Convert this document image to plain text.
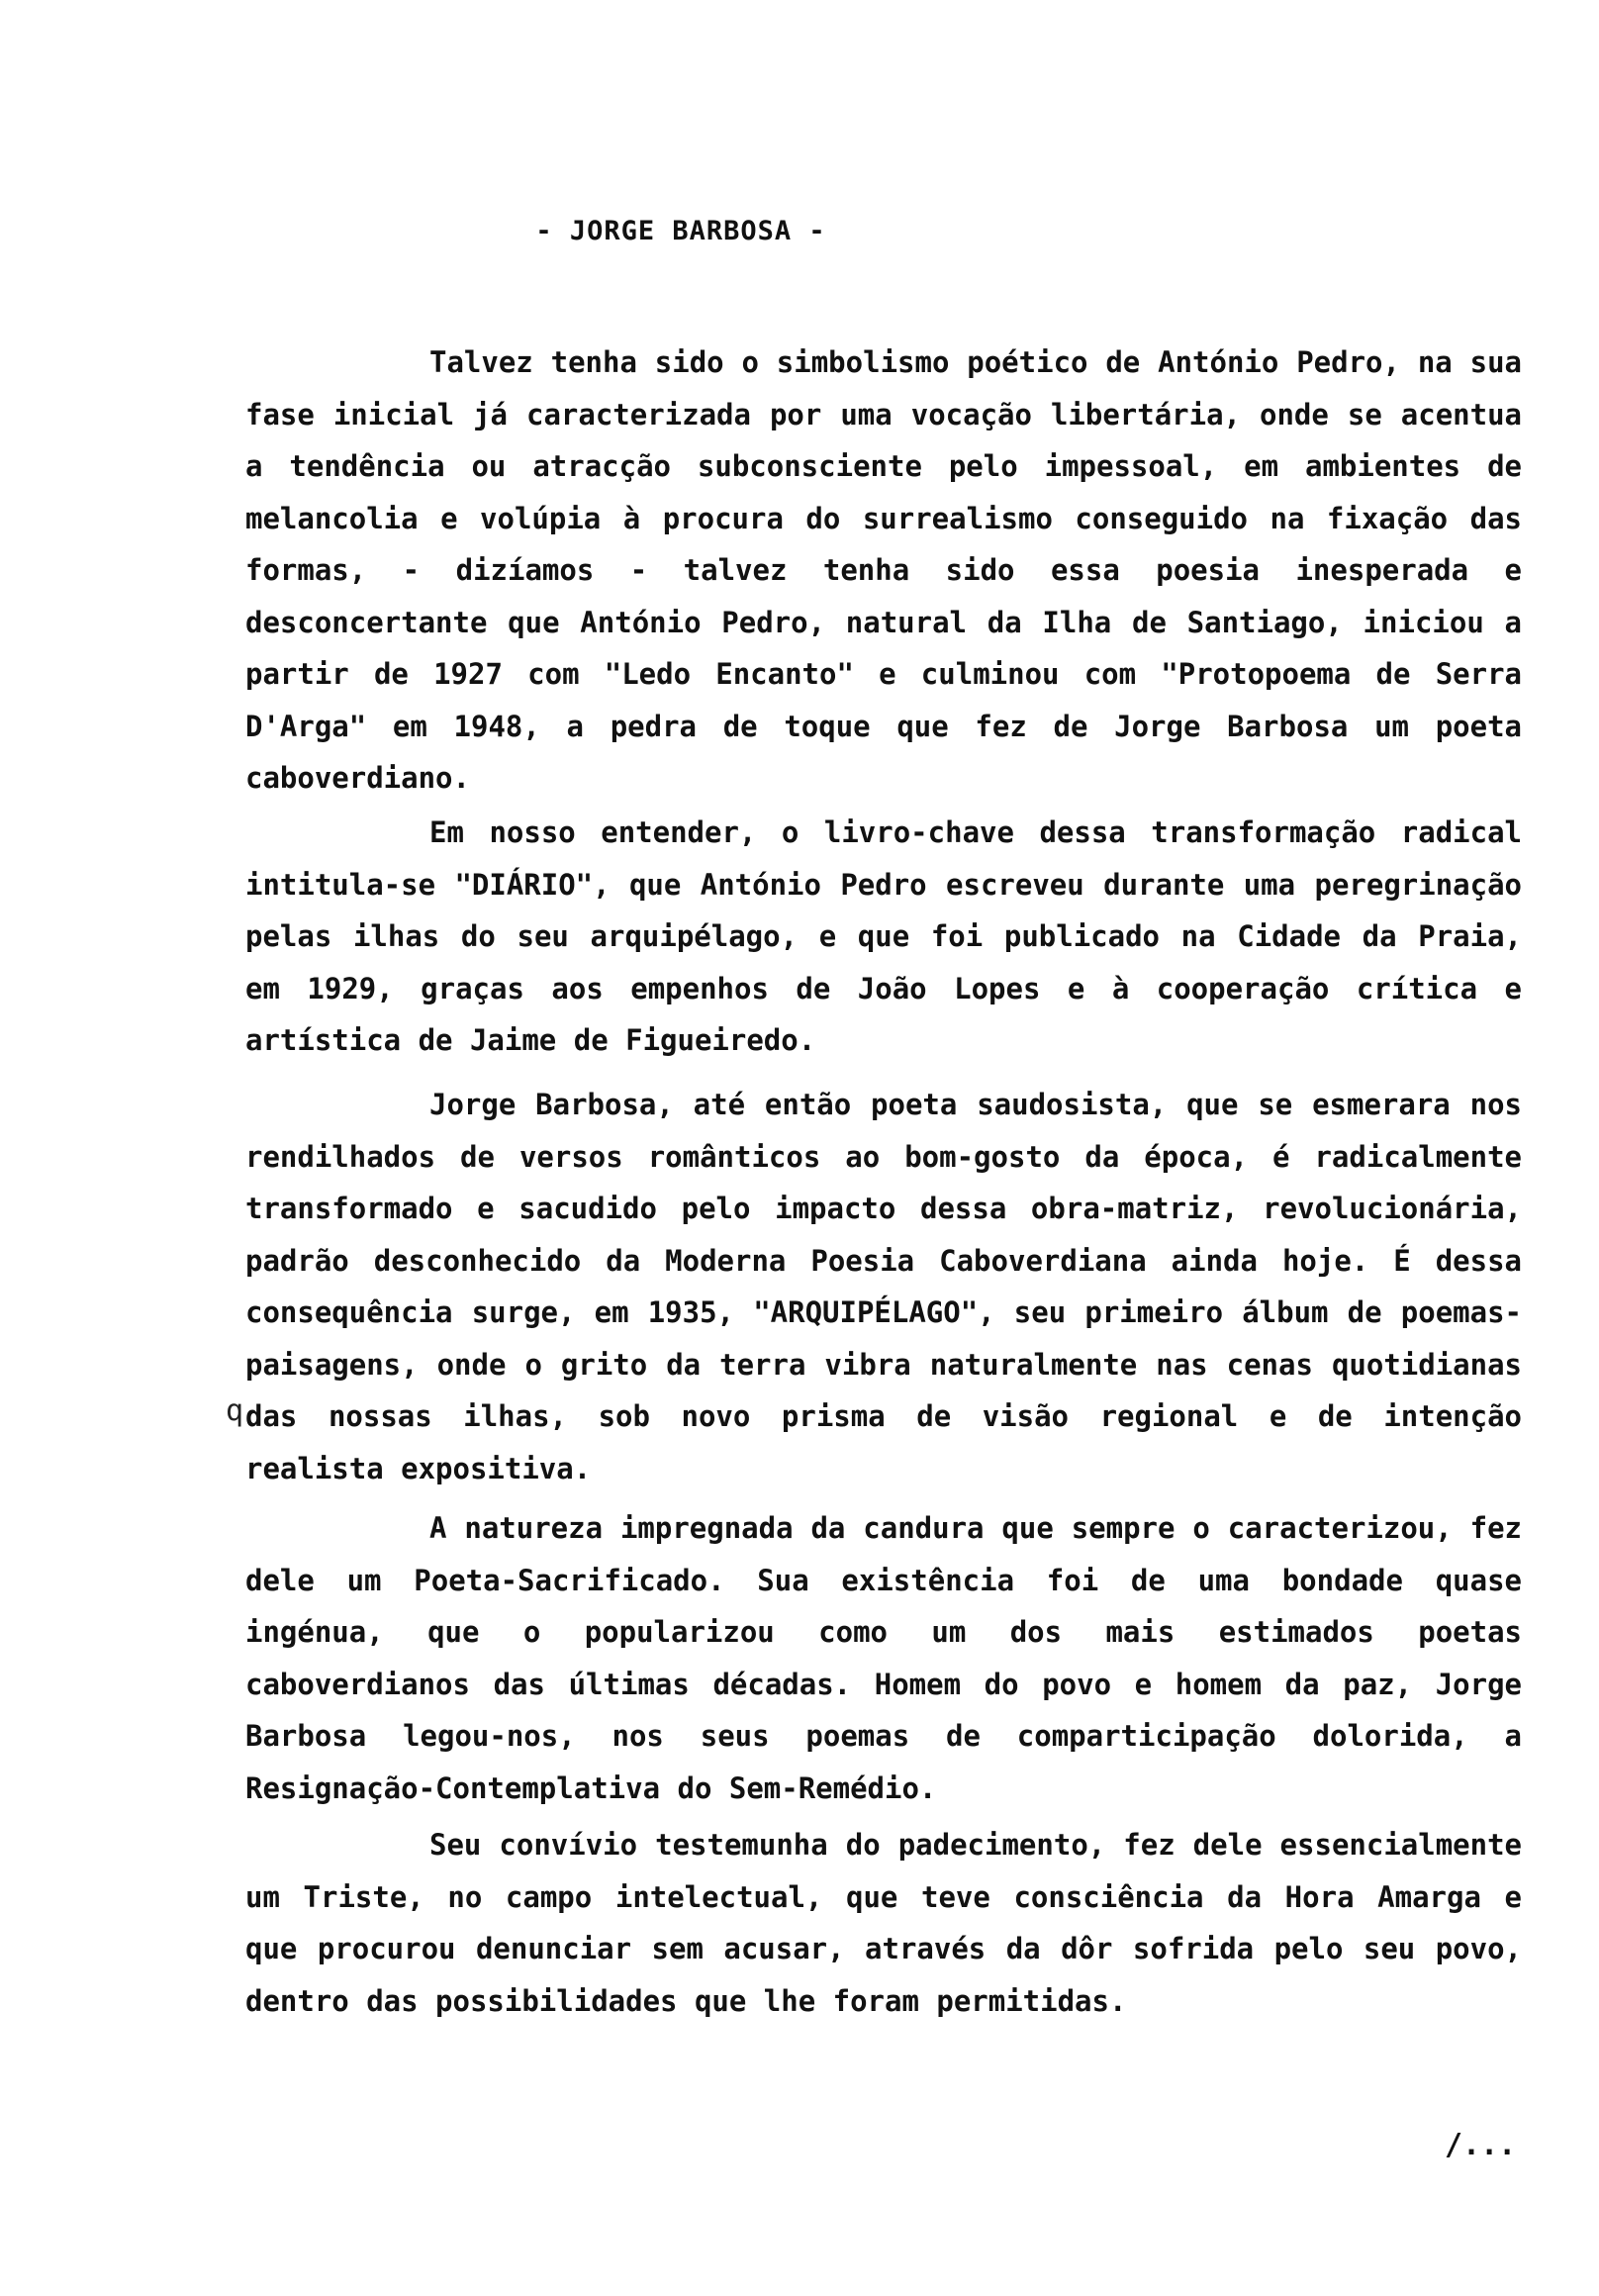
- JORGE BARBOSA -
Talvez tenha sido o simbolismo poético de António Pedro, na sua fase inicial já caracterizada por uma vocação libertária, onde se acentua a tendência ou atracção subconsciente pelo impessoal, em ambientes de melancolia e volúpia à procura do surrealismo conseguido na fixação das formas, - dizíamos - talvez tenha sido essa poesia inesperada e desconcertante que António Pedro, natural da Ilha de Santiago, iniciou a partir de 1927 com "Ledo Encanto" e culminou com "Protopoema de Serra D'Arga" em 1948, a pedra de toque que fez de Jorge Barbosa um poeta caboverdiano.
Em nosso entender, o livro-chave dessa transformação radical intitula-se "DIÁRIO", que António Pedro escreveu durante uma peregrinação pelas ilhas do seu arquipélago, e que foi publicado na Cidade da Praia, em 1929, graças aos empenhos de João Lopes e à cooperação crítica e artística de Jaime de Figueiredo.
Jorge Barbosa, até então poeta saudosista, que se esmerara nos rendilhados de versos românticos ao bom-gosto da época, é radicalmente transformado e sacudido pelo impacto dessa obra-matriz, revolucionária, padrão desconhecido da Moderna Poesia Caboverdiana ainda hoje. É dessa consequência surge, em 1935, "ARQUIPÉLAGO", seu primeiro álbum de poemas-paisagens, onde o grito da terra vibra naturalmente nas cenas quotidianas das nossas ilhas, sob novo prisma de visão regional e de intenção realista expositiva.
q
A natureza impregnada da candura que sempre o caracterizou, fez dele um Poeta-Sacrificado. Sua existência foi de uma bondade quase ingénua, que o popularizou como um dos mais estimados poetas caboverdianos das últimas décadas. Homem do povo e homem da paz, Jorge Barbosa legou-nos, nos seus poemas de comparticipação dolorida, a Resignação-Contemplativa do Sem-Remédio.
Seu convívio testemunha do padecimento, fez dele essencialmente um Triste, no campo intelectual, que teve consciência da Hora Amarga e que procurou denunciar sem acusar, através da dôr sofrida pelo seu povo, dentro das possibilidades que lhe foram permitidas.
/...
